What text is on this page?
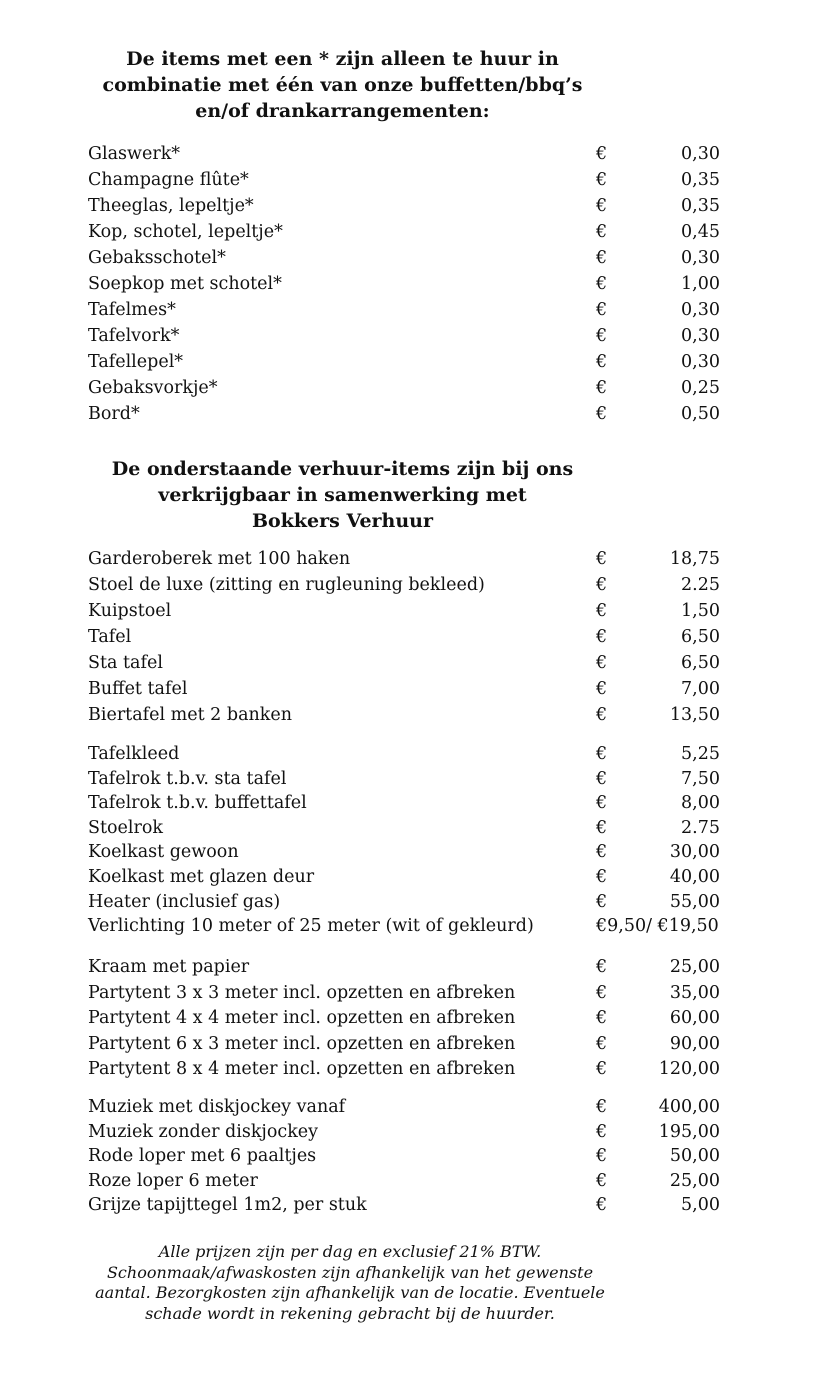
De items met een * zijn alleen te huur in
combinatie met één van onze buffetten/bbq’s
en/of drankarrangementen:
Glaswerk*	€	0,30
Champagne flûte*	€	0,35
Theeglas, lepeltje*	€	0,35
Kop, schotel, lepeltje*	€	0,45
Gebaksschotel*	€	0,30
Soepkop met schotel*	€	1,00
Tafelmes*	€	0,30
Tafelvork*	€	0,30
Tafellepel*	€	0,30
Gebaksvorkje*	€	0,25
Bord*	€	0,50
De onderstaande verhuur-items zijn bij ons
verkrijgbaar in samenwerking met
Bokkers Verhuur
Garderoberek met 100 haken	€	18,75
Stoel de luxe (zitting en rugleuning bekleed)	€	2.25
Kuipstoel	€	1,50
Tafel	€	6,50
Sta tafel	€	6,50
Buffet tafel	€	7,00
Biertafel met 2 banken	€	13,50
Tafelkleed	€	5,25
Tafelrok t.b.v. sta tafel	€	7,50
Tafelrok t.b.v. buffettafel	€	8,00
Stoelrok	€	2.75
Koelkast gewoon	€	30,00
Koelkast met glazen deur	€	40,00
Heater (inclusief gas)	€	55,00
Verlichting 10 meter of 25 meter (wit of gekleurd)	€9,50/ €19,50
Kraam met papier	€	25,00
Partytent 3 x 3 meter incl. opzetten en afbreken	€	35,00
Partytent 4 x 4 meter incl. opzetten en afbreken	€	60,00
Partytent 6 x 3 meter incl. opzetten en afbreken	€	90,00
Partytent 8 x 4 meter incl. opzetten en afbreken	€	120,00
Muziek met diskjockey vanaf	€	400,00
Muziek zonder diskjockey	€	195,00
Rode loper met 6 paaltjes	€	50,00
Roze loper 6 meter	€	25,00
Grijze tapijttegel 1m2, per stuk	€	5,00
Alle prijzen zijn per dag en exclusief 21% BTW.
Schoonmaak/afwaskosten zijn afhankelijk van het gewenste
aantal. Bezorgkosten zijn afhankelijk van de locatie. Eventuele
schade wordt in rekening gebracht bij de huurder.
